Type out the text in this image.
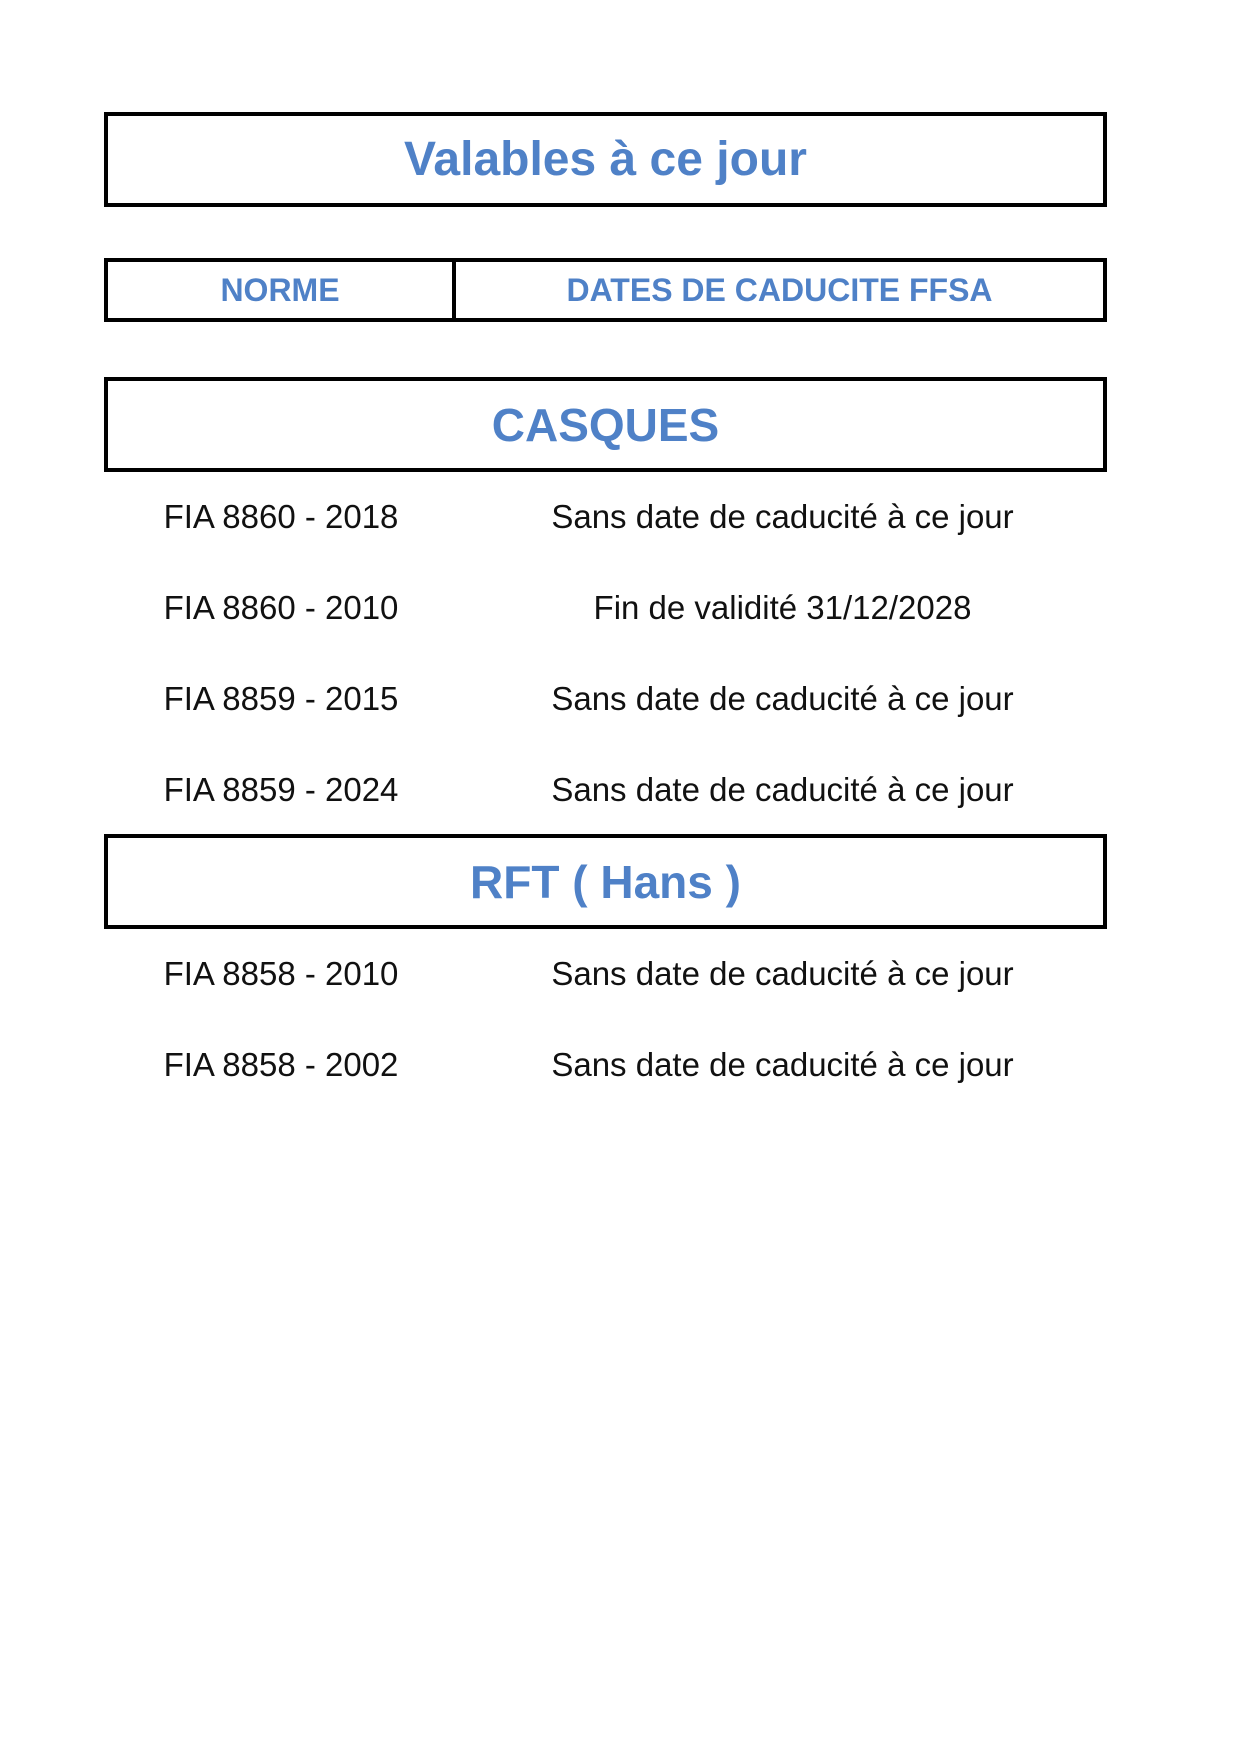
Valables à ce jour
NORME	DATES DE CADUCITE FFSA
CASQUES
FIA 8860 - 2018	Sans date de caducité à ce jour
FIA 8860 - 2010	Fin de validité 31/12/2028
FIA 8859 - 2015	Sans date de caducité à ce jour
FIA 8859 - 2024	Sans date de caducité à ce jour
RFT ( Hans )
FIA 8858 - 2010	Sans date de caducité à ce jour
FIA 8858 - 2002	Sans date de caducité à ce jour
